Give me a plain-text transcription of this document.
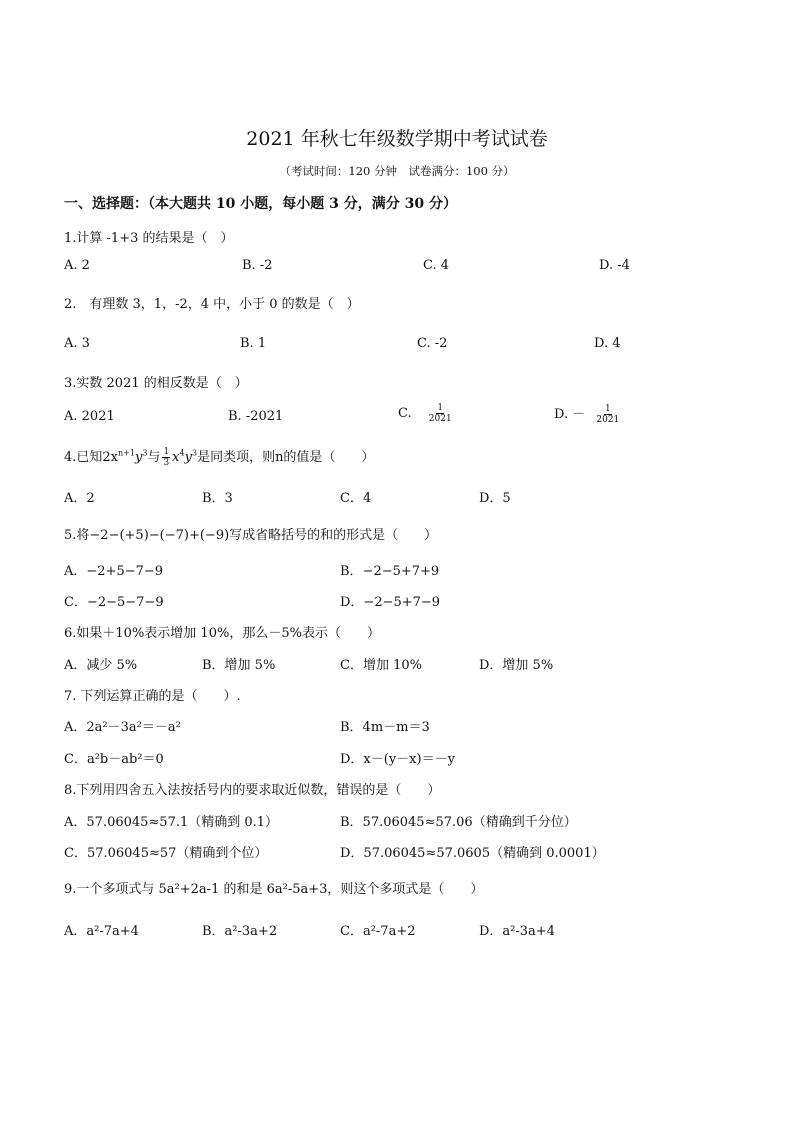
2021 年秋七年级数学期中考试试卷
（考试时间：120 分钟　试卷满分：100 分）
一、选择题：（本大题共 10 小题，每小题 3 分，满分 30 分）
1.计算 -1+3 的结果是（　）
A. 2	B. -2	C. 4	D. -4
2.　有理数 3，1，-2，4 中，小于 0 的数是（　）
A. 3	B. 1	C. -2	D. 4
3.实数 2021 的相反数是（　）
A. 2021	B. -2021	C. $\frac{1}{2021}$	D. － $\frac{1}{2021}$
4.已知$2x^{n+1}y^3$与 $\frac{1}{3} x^4y^3$是同类项，则n的值是（　　）
A．2	B．3	C．4	D．5
5.将−2−(+5)−(−7)+(−9)写成省略括号的和的形式是（　　）
A．−2+5−7−9	B．−2−5+7+9
C．−2−5−7−9	D．−2−5+7−9
6.如果＋10%表示增加 10%，那么－5%表示（　　）
A．减少 5%	B．增加 5%	C．增加 10%	D．增加 5%
7. 下列运算正确的是（　　）.
A．2a²－3a²＝－a²	B．4m－m＝3
C．a²b－ab²＝0	D．x－(y－x)＝－y
8.下列用四舍五入法按括号内的要求取近似数，错误的是（　　）
A．57.06045≈57.1（精确到 0.1）	B．57.06045≈57.06（精确到千分位）
C．57.06045≈57（精确到个位）	D．57.06045≈57.0605（精确到 0.0001）
9.一个多项式与 5a²+2a-1 的和是 6a²-5a+3，则这个多项式是（　　）
A．a²-7a+4	B．a²-3a+2	C．a²-7a+2	D．a²-3a+4
